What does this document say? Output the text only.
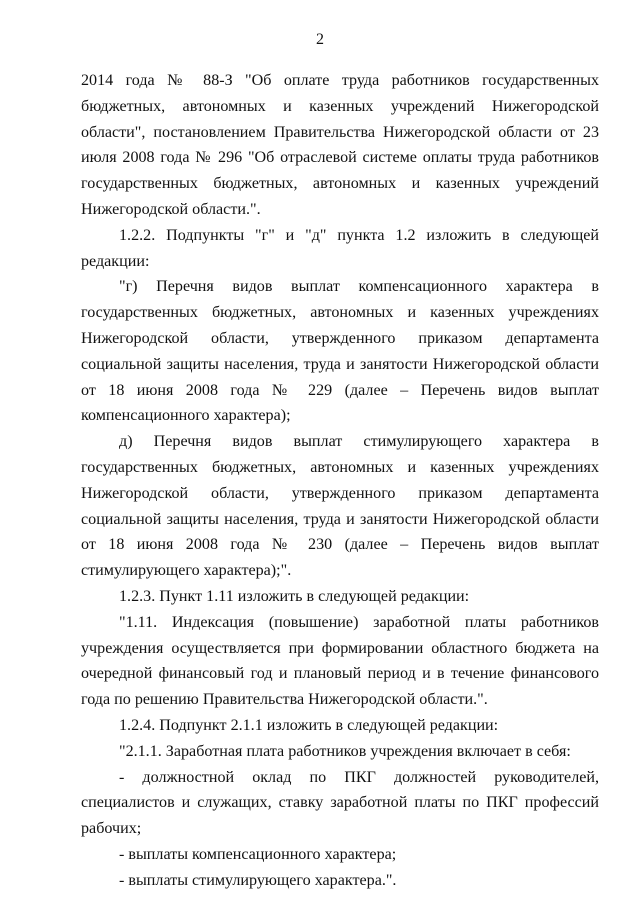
2

2014 года № 88-З "Об оплате труда работников государственных бюджетных, автономных и казенных учреждений Нижегородской области", постановлением Правительства Нижегородской области от 23 июля 2008 года № 296 "Об отраслевой системе оплаты труда работников государственных бюджетных, автономных и казенных учреждений Нижегородской области.".

1.2.2. Подпункты "г" и "д" пункта 1.2 изложить в следующей редакции:

"г) Перечня видов выплат компенсационного характера в государственных бюджетных, автономных и казенных учреждениях Нижегородской области, утвержденного приказом департамента социальной защиты населения, труда и занятости Нижегородской области от 18 июня 2008 года № 229 (далее – Перечень видов выплат компенсационного характера);

д) Перечня видов выплат стимулирующего характера в государственных бюджетных, автономных и казенных учреждениях Нижегородской области, утвержденного приказом департамента социальной защиты населения, труда и занятости Нижегородской области от 18 июня 2008 года № 230 (далее – Перечень видов выплат стимулирующего характера);".

1.2.3. Пункт 1.11 изложить в следующей редакции:

"1.11. Индексация (повышение) заработной платы работников учреждения осуществляется при формировании областного бюджета на очередной финансовый год и плановый период и в течение финансового года по решению Правительства Нижегородской области.".

1.2.4. Подпункт 2.1.1 изложить в следующей редакции:

"2.1.1. Заработная плата работников учреждения включает в себя:

- должностной оклад по ПКГ должностей руководителей, специалистов и служащих, ставку заработной платы по ПКГ профессий рабочих;

- выплаты компенсационного характера;

- выплаты стимулирующего характера.".
